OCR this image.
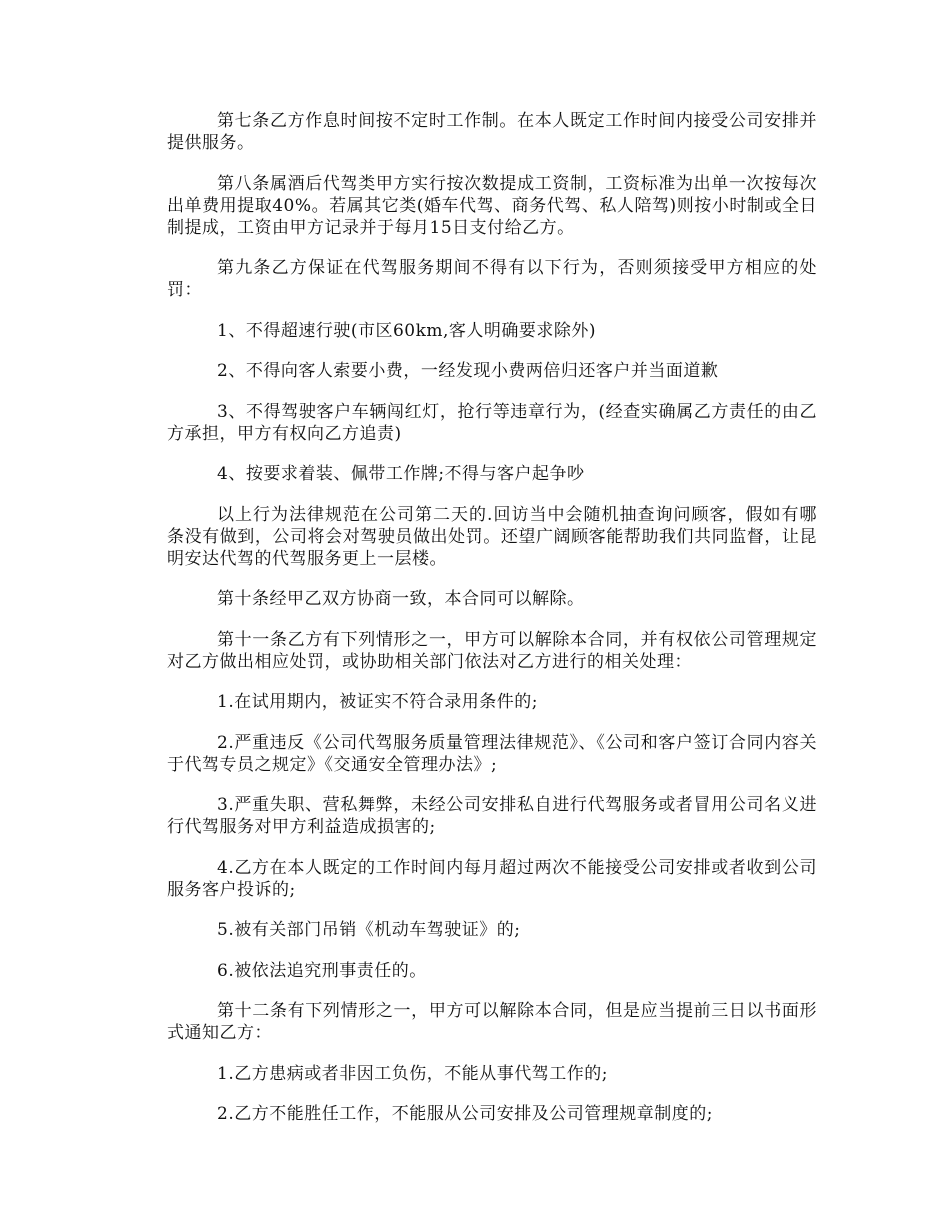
第七条乙方作息时间按不定时工作制。在本人既定工作时间内接受公司安排并提供服务。

第八条属酒后代驾类甲方实行按次数提成工资制，工资标准为出单一次按每次出单费用提取40%。若属其它类(婚车代驾、商务代驾、私人陪驾)则按小时制或全日制提成，工资由甲方记录并于每月15日支付给乙方。

第九条乙方保证在代驾服务期间不得有以下行为，否则须接受甲方相应的处罚：

1、不得超速行驶(市区60km,客人明确要求除外)

2、不得向客人索要小费，一经发现小费两倍归还客户并当面道歉

3、不得驾驶客户车辆闯红灯，抢行等违章行为，(经查实确属乙方责任的由乙方承担，甲方有权向乙方追责)

4、按要求着装、佩带工作牌;不得与客户起争吵

以上行为法律规范在公司第二天的.回访当中会随机抽查询问顾客，假如有哪条没有做到，公司将会对驾驶员做出处罚。还望广阔顾客能帮助我们共同监督，让昆明安达代驾的代驾服务更上一层楼。

第十条经甲乙双方协商一致，本合同可以解除。

第十一条乙方有下列情形之一，甲方可以解除本合同，并有权依公司管理规定对乙方做出相应处罚，或协助相关部门依法对乙方进行的相关处理：

1.在试用期内，被证实不符合录用条件的;

2.严重违反《公司代驾服务质量管理法律规范》、《公司和客户签订合同内容关于代驾专员之规定》《交通安全管理办法》;

3.严重失职、营私舞弊，未经公司安排私自进行代驾服务或者冒用公司名义进行代驾服务对甲方利益造成损害的;

4.乙方在本人既定的工作时间内每月超过两次不能接受公司安排或者收到公司服务客户投诉的;

5.被有关部门吊销《机动车驾驶证》的;

6.被依法追究刑事责任的。

第十二条有下列情形之一，甲方可以解除本合同，但是应当提前三日以书面形式通知乙方：

1.乙方患病或者非因工负伤，不能从事代驾工作的;

2.乙方不能胜任工作，不能服从公司安排及公司管理规章制度的;
